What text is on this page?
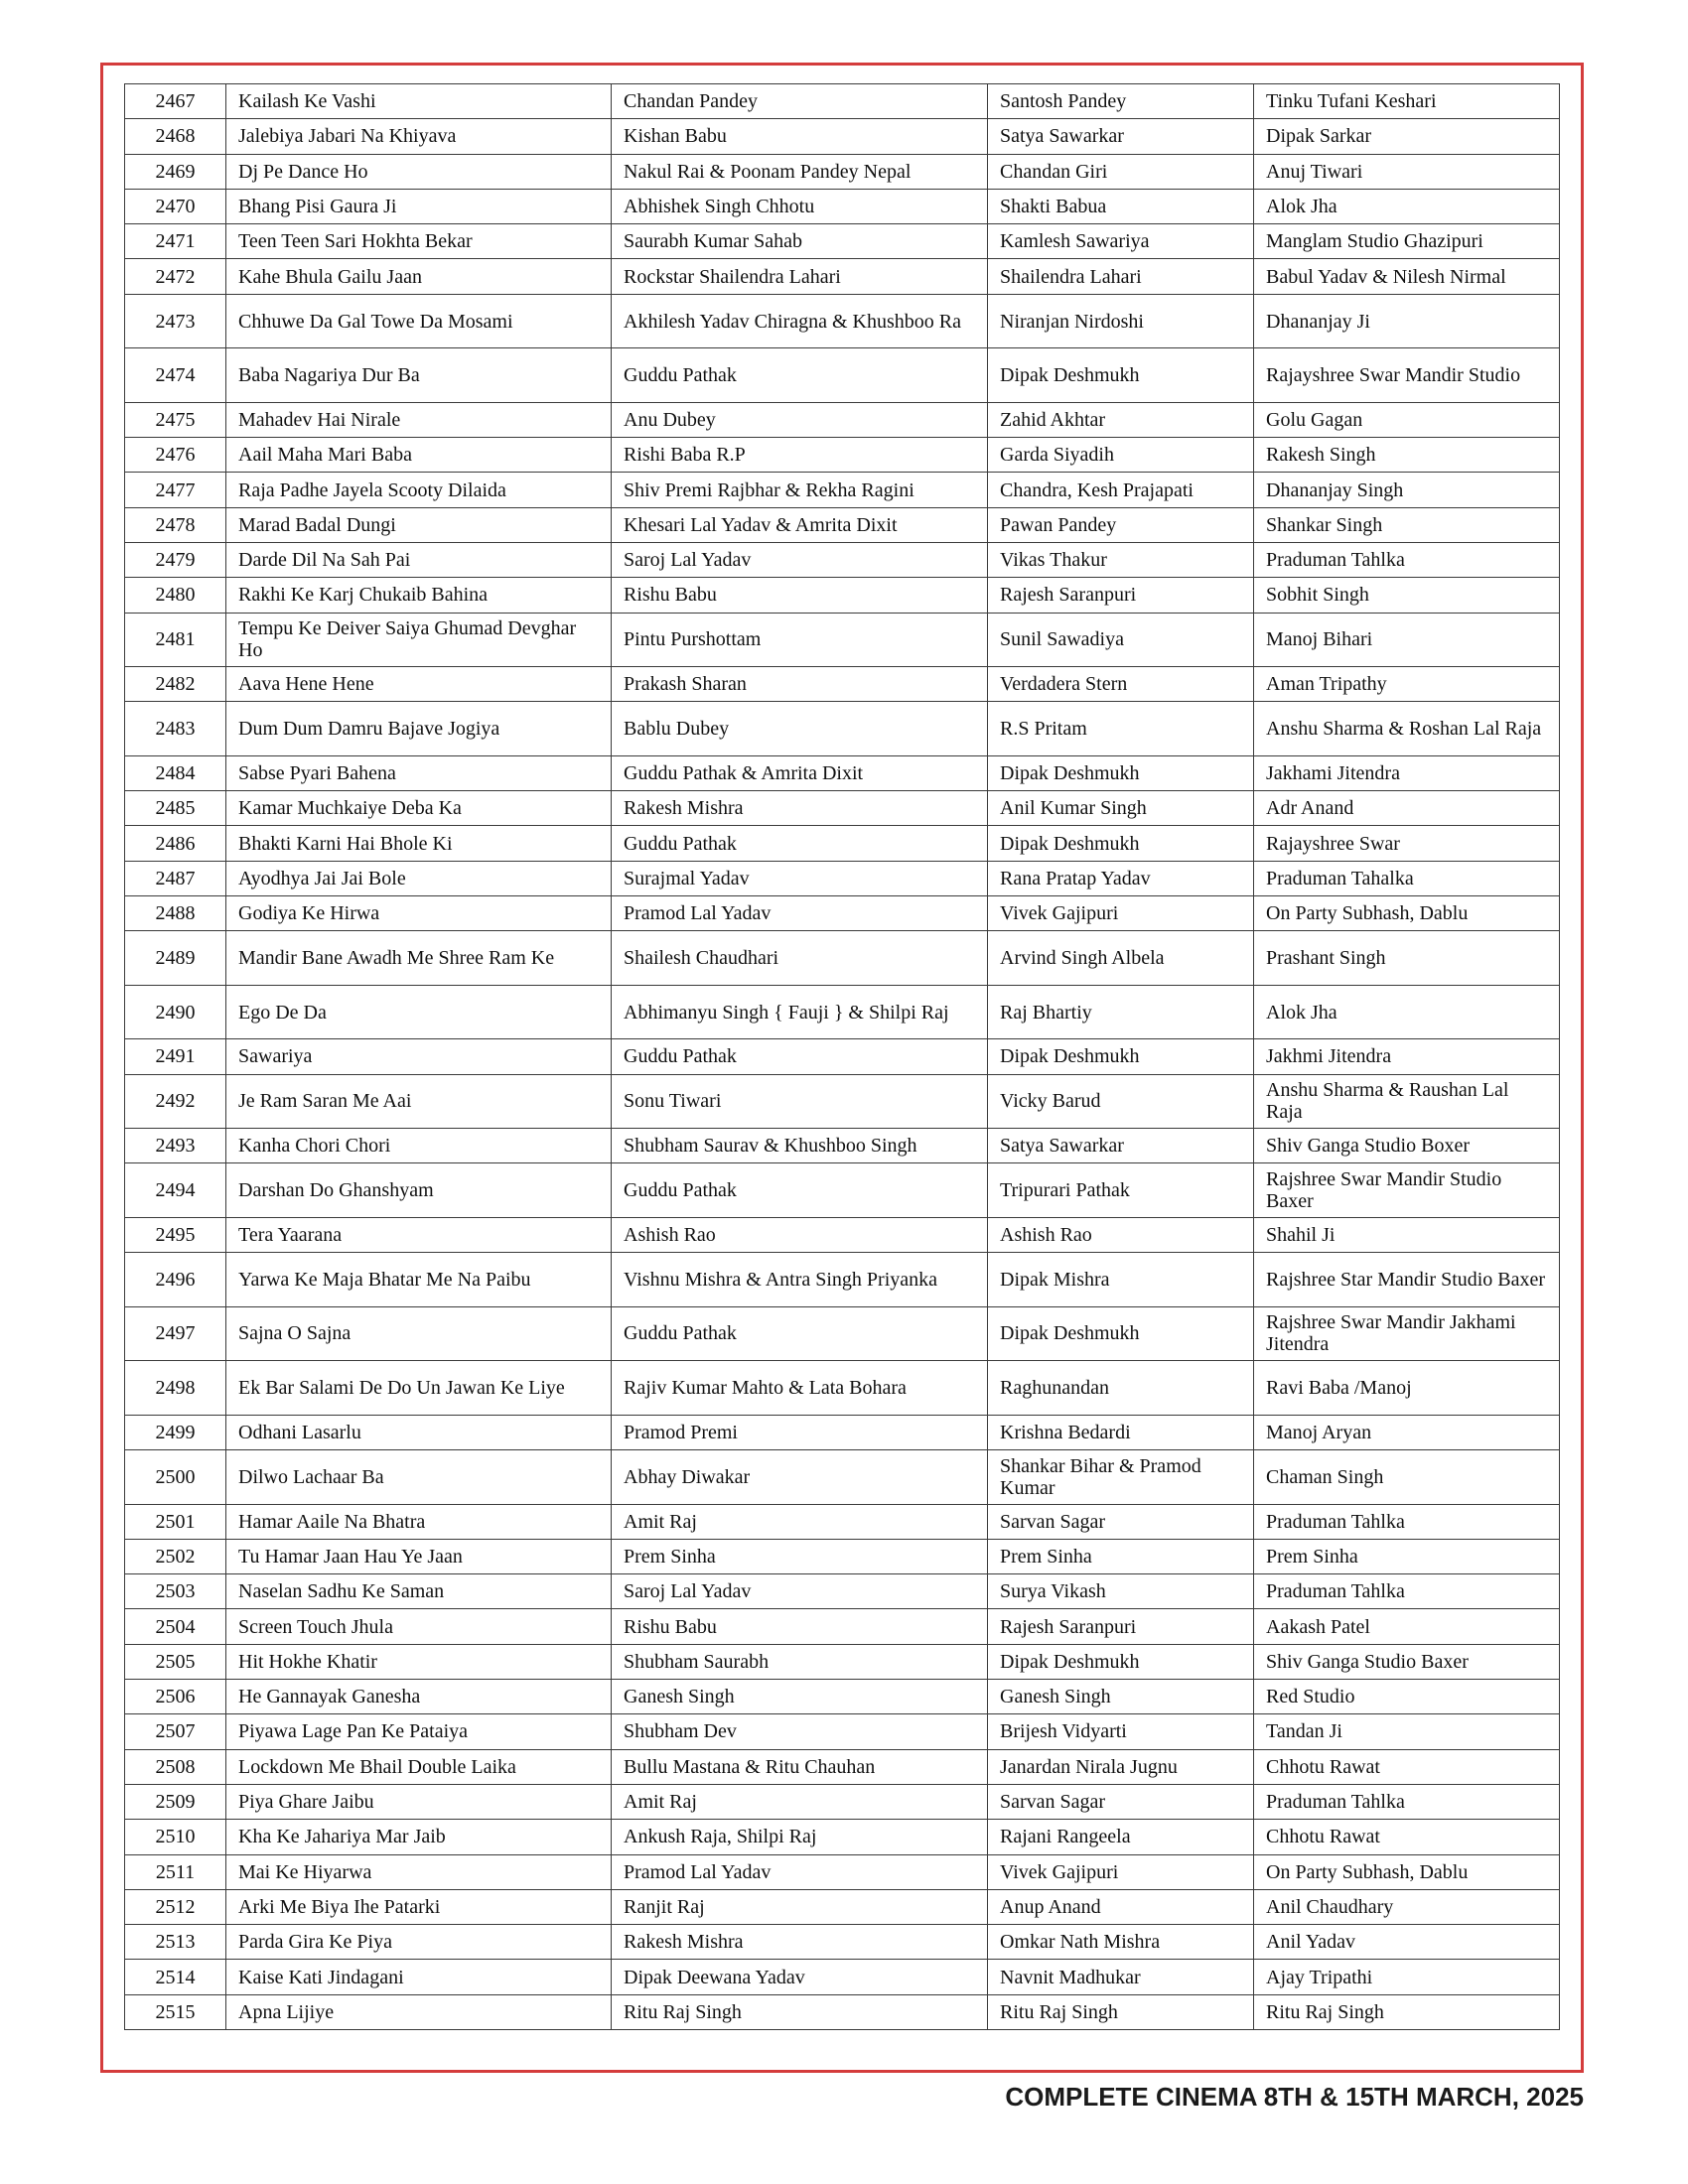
2467	Kailash Ke Vashi	Chandan Pandey	Santosh Pandey	Tinku Tufani Keshari
2468	Jalebiya Jabari Na Khiyava	Kishan Babu	Satya Sawarkar	Dipak Sarkar
2469	Dj Pe Dance Ho	Nakul Rai & Poonam Pandey Nepal	Chandan Giri	Anuj Tiwari
2470	Bhang Pisi Gaura Ji	Abhishek Singh Chhotu	Shakti Babua	Alok Jha
2471	Teen Teen Sari Hokhta Bekar	Saurabh Kumar Sahab	Kamlesh Sawariya	Manglam Studio Ghazipuri
2472	Kahe Bhula Gailu Jaan	Rockstar Shailendra Lahari	Shailendra Lahari	Babul Yadav & Nilesh Nirmal
2473	Chhuwe Da Gal Towe Da Mosami	Akhilesh Yadav Chiragna & Khushboo Ra	Niranjan Nirdoshi	Dhananjay Ji
2474	Baba Nagariya Dur Ba	Guddu Pathak	Dipak Deshmukh	Rajayshree Swar Mandir Studio
2475	Mahadev Hai Nirale	Anu Dubey	Zahid Akhtar	Golu Gagan
2476	Aail Maha Mari Baba	Rishi Baba R.P	Garda Siyadih	Rakesh Singh
2477	Raja Padhe Jayela Scooty Dilaida	Shiv Premi Rajbhar & Rekha Ragini	Chandra, Kesh Prajapati	Dhananjay Singh
2478	Marad Badal Dungi	Khesari Lal Yadav & Amrita Dixit	Pawan Pandey	Shankar Singh
2479	Darde Dil Na Sah Pai	Saroj Lal Yadav	Vikas Thakur	Praduman Tahlka
2480	Rakhi Ke Karj Chukaib Bahina	Rishu Babu	Rajesh Saranpuri	Sobhit Singh
2481	Tempu Ke Deiver Saiya Ghumad Devghar Ho	Pintu Purshottam	Sunil Sawadiya	Manoj Bihari
2482	Aava Hene Hene	Prakash Sharan	Verdadera Stern	Aman Tripathy
2483	Dum Dum Damru Bajave Jogiya	Bablu Dubey	R.S Pritam	Anshu Sharma & Roshan Lal Raja
2484	Sabse Pyari Bahena	Guddu Pathak & Amrita Dixit	Dipak Deshmukh	Jakhami Jitendra
2485	Kamar Muchkaiye Deba Ka	Rakesh Mishra	Anil Kumar Singh	Adr Anand
2486	Bhakti Karni Hai Bhole Ki	Guddu Pathak	Dipak Deshmukh	Rajayshree Swar
2487	Ayodhya Jai Jai Bole	Surajmal Yadav	Rana Pratap Yadav	Praduman Tahalka
2488	Godiya Ke Hirwa	Pramod Lal Yadav	Vivek Gajipuri	On Party Subhash, Dablu
2489	Mandir Bane Awadh Me Shree Ram Ke	Shailesh Chaudhari	Arvind Singh Albela	Prashant Singh
2490	Ego De Da	Abhimanyu Singh { Fauji } & Shilpi Raj	Raj Bhartiy	Alok Jha
2491	Sawariya	Guddu Pathak	Dipak Deshmukh	Jakhmi Jitendra
2492	Je Ram Saran Me Aai	Sonu Tiwari	Vicky Barud	Anshu Sharma & Raushan Lal Raja
2493	Kanha Chori Chori	Shubham Saurav & Khushboo Singh	Satya Sawarkar	Shiv Ganga Studio Boxer
2494	Darshan Do Ghanshyam	Guddu Pathak	Tripurari Pathak	Rajshree Swar Mandir Studio Baxer
2495	Tera Yaarana	Ashish Rao	Ashish Rao	Shahil Ji
2496	Yarwa Ke Maja Bhatar Me Na Paibu	Vishnu Mishra & Antra Singh Priyanka	Dipak Mishra	Rajshree Star Mandir Studio Baxer
2497	Sajna O Sajna	Guddu Pathak	Dipak Deshmukh	Rajshree Swar Mandir Jakhami Jitendra
2498	Ek Bar Salami De Do Un Jawan Ke Liye	Rajiv Kumar Mahto & Lata Bohara	Raghunandan	Ravi Baba /Manoj
2499	Odhani Lasarlu	Pramod Premi	Krishna Bedardi	Manoj Aryan
2500	Dilwo Lachaar Ba	Abhay Diwakar	Shankar Bihar & Pramod Kumar	Chaman Singh
2501	Hamar Aaile Na Bhatra	Amit Raj	Sarvan Sagar	Praduman Tahlka
2502	Tu Hamar Jaan Hau Ye Jaan	Prem Sinha	Prem Sinha	Prem Sinha
2503	Naselan Sadhu Ke Saman	Saroj Lal Yadav	Surya Vikash	Praduman Tahlka
2504	Screen Touch Jhula	Rishu Babu	Rajesh Saranpuri	Aakash Patel
2505	Hit Hokhe Khatir	Shubham Saurabh	Dipak Deshmukh	Shiv Ganga Studio Baxer
2506	He Gannayak Ganesha	Ganesh Singh	Ganesh Singh	Red Studio
2507	Piyawa Lage Pan Ke Pataiya	Shubham Dev	Brijesh Vidyarti	Tandan Ji
2508	Lockdown Me Bhail Double Laika	Bullu Mastana & Ritu Chauhan	Janardan Nirala Jugnu	Chhotu Rawat
2509	Piya Ghare Jaibu	Amit Raj	Sarvan Sagar	Praduman Tahlka
2510	Kha Ke Jahariya Mar Jaib	Ankush Raja, Shilpi Raj	Rajani Rangeela	Chhotu Rawat
2511	Mai Ke Hiyarwa	Pramod Lal Yadav	Vivek Gajipuri	On Party Subhash, Dablu
2512	Arki Me Biya Ihe Patarki	Ranjit Raj	Anup Anand	Anil Chaudhary
2513	Parda Gira Ke Piya	Rakesh Mishra	Omkar Nath Mishra	Anil Yadav
2514	Kaise Kati Jindagani	Dipak Deewana Yadav	Navnit Madhukar	Ajay Tripathi
2515	Apna Lijiye	Ritu Raj Singh	Ritu Raj Singh	Ritu Raj Singh
COMPLETE CINEMA 8TH & 15TH MARCH, 2025
